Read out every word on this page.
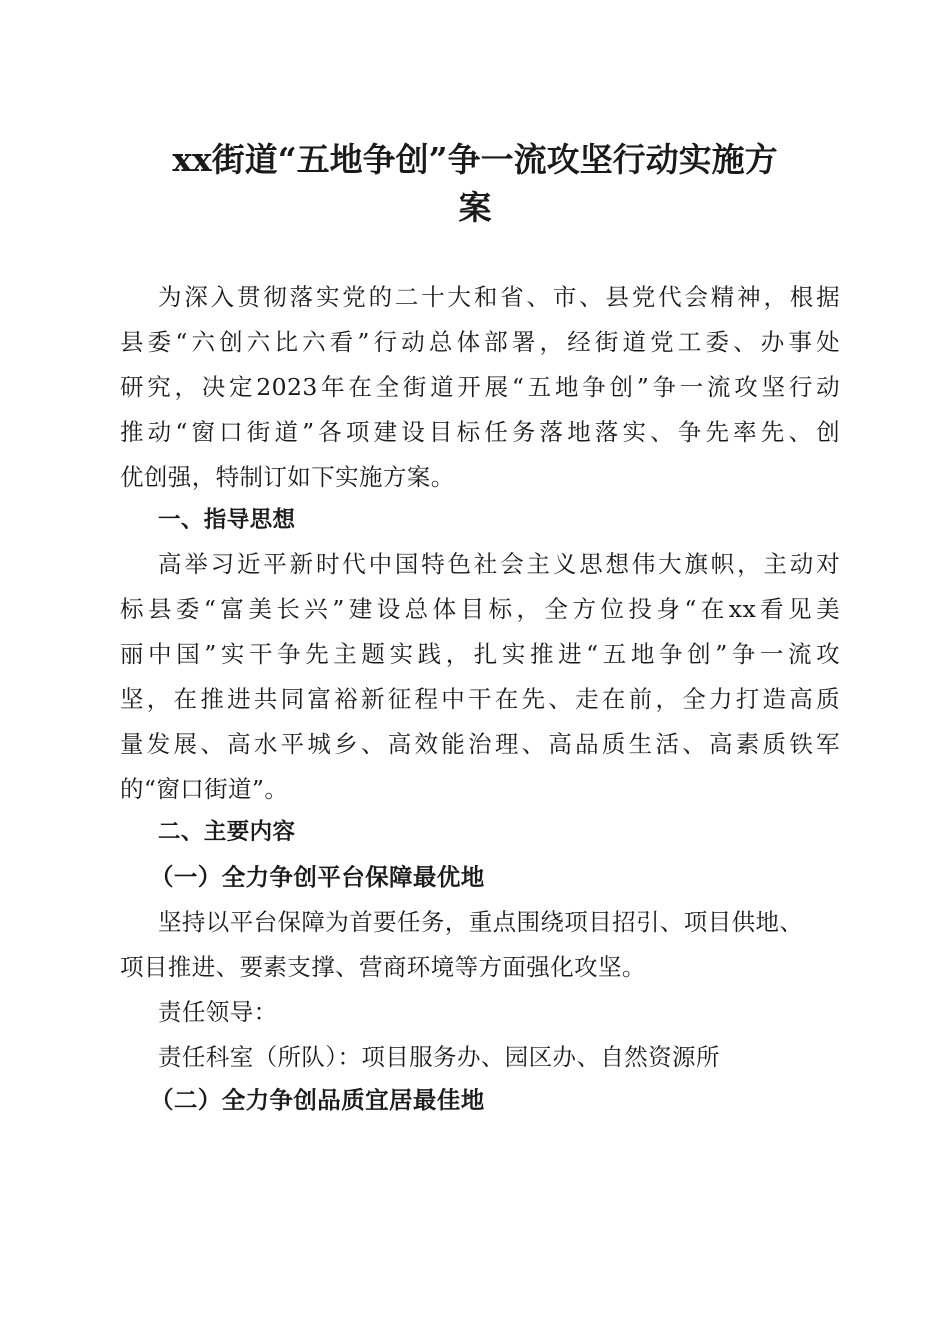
xx街道“五地争创”争一流攻坚行动实施方
案
为深入贯彻落实党的二十大和省、市、县党代会精神，根据
县委“六创六比六看”行动总体部署，经街道党工委、办事处
研究，决定2023年在全街道开展“五地争创”争一流攻坚行动
推动“窗口街道”各项建设目标任务落地落实、争先率先、创
优创强，特制订如下实施方案。
一、指导思想
高举习近平新时代中国特色社会主义思想伟大旗帜，主动对
标县委“富美长兴”建设总体目标，全方位投身“在xx看见美
丽中国”实干争先主题实践，扎实推进“五地争创”争一流攻
坚，在推进共同富裕新征程中干在先、走在前，全力打造高质
量发展、高水平城乡、高效能治理、高品质生活、高素质铁军
的“窗口街道”。
二、主要内容
（一）全力争创平台保障最优地
坚持以平台保障为首要任务，重点围绕项目招引、项目供地、
项目推进、要素支撑、营商环境等方面强化攻坚。
责任领导：
责任科室（所队）：项目服务办、园区办、自然资源所
（二）全力争创品质宜居最佳地
